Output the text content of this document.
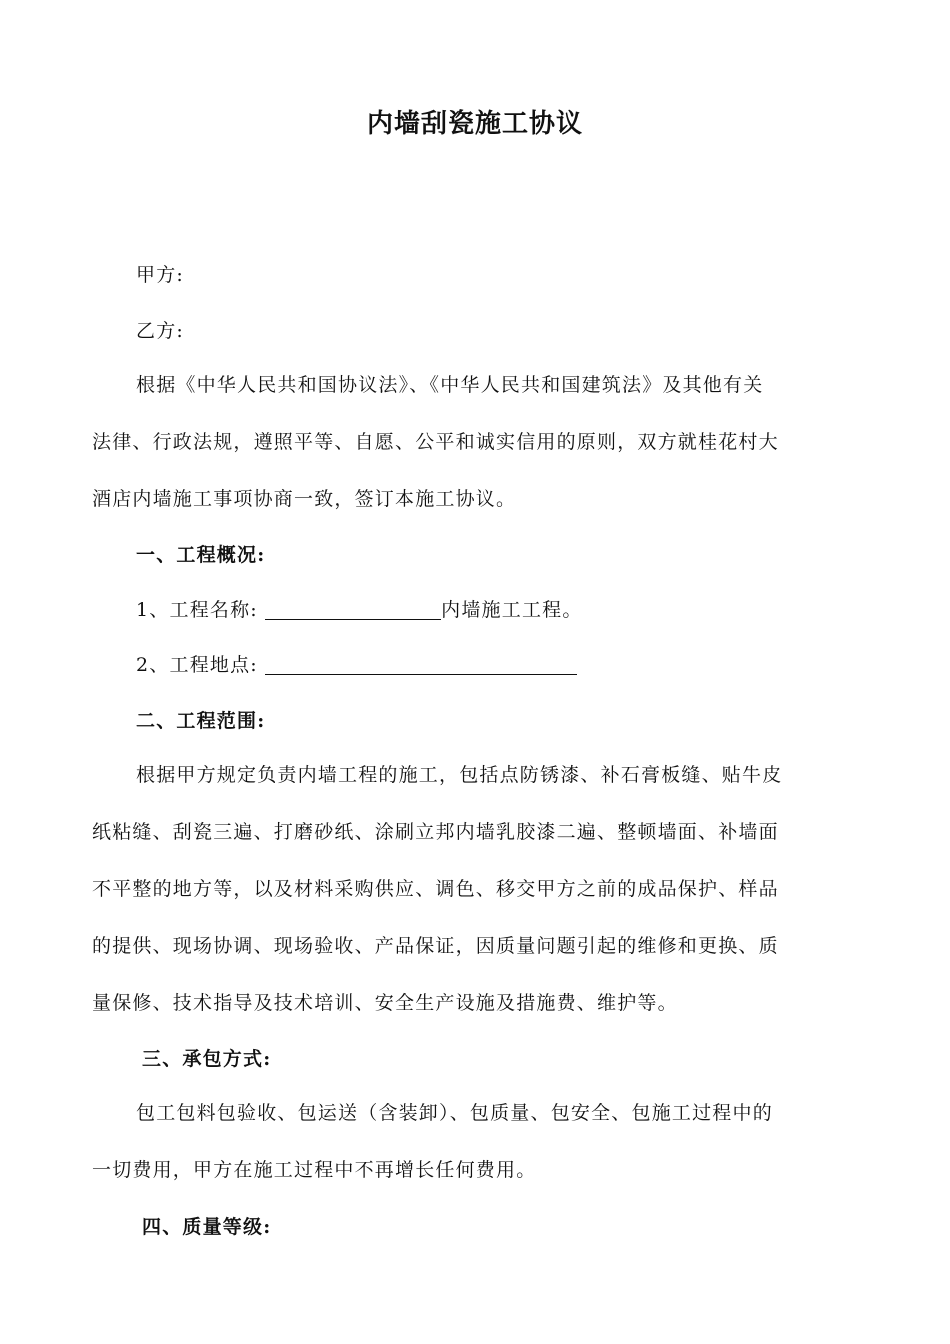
内墙刮瓷施工协议
甲方:
乙方:
根据《中华人民共和国协议法》、《中华人民共和国建筑法》及其他有关
法律、行政法规，遵照平等、自愿、公平和诚实信用的原则，双方就桂花村大
酒店内墙施工事项协商一致，签订本施工协议。
一、工程概况:
1、工程名称:	内墙施工工程。
2、工程地点:
二、工程范围:
根据甲方规定负责内墙工程的施工，包括点防锈漆、补石膏板缝、贴牛皮
纸粘缝、刮瓷三遍、打磨砂纸、涂刷立邦内墙乳胶漆二遍、整顿墙面、补墙面
不平整的地方等，以及材料采购供应、调色、移交甲方之前的成品保护、样品
的提供、现场协调、现场验收、产品保证，因质量问题引起的维修和更换、质
量保修、技术指导及技术培训、安全生产设施及措施费、维护等。
三、承包方式:
包工包料包验收、包运送（含装卸）、包质量、包安全、包施工过程中的
一切费用，甲方在施工过程中不再增长任何费用。
四、质量等级:
